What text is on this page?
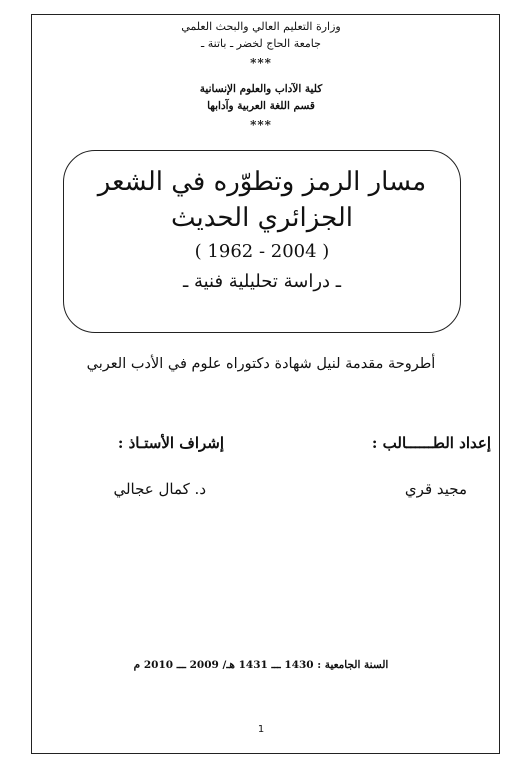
وزارة التعليم العالي والبحث العلمي
جامعة الحاج لخضر ـ باتنة ـ
***
كلية الآداب والعلوم الإنسانية
قسم اللغة العربية وآدابها
***
مسار الرمز وتطوّره في الشعر
الجزائري الحديث
( 1962 - 2004 )
ـ دراسة تحليلية فنية ـ
أطروحة مقدمة لنيل شهادة دكتوراه علوم في الأدب العربي
إعداد الطــــــالب :
إشراف الأستـاذ :
مجيد قري
د. كمال عجالي
السنة الجامعية : 1430 ـــ 1431 هـ/ 2009 ـــ 2010 م
1
